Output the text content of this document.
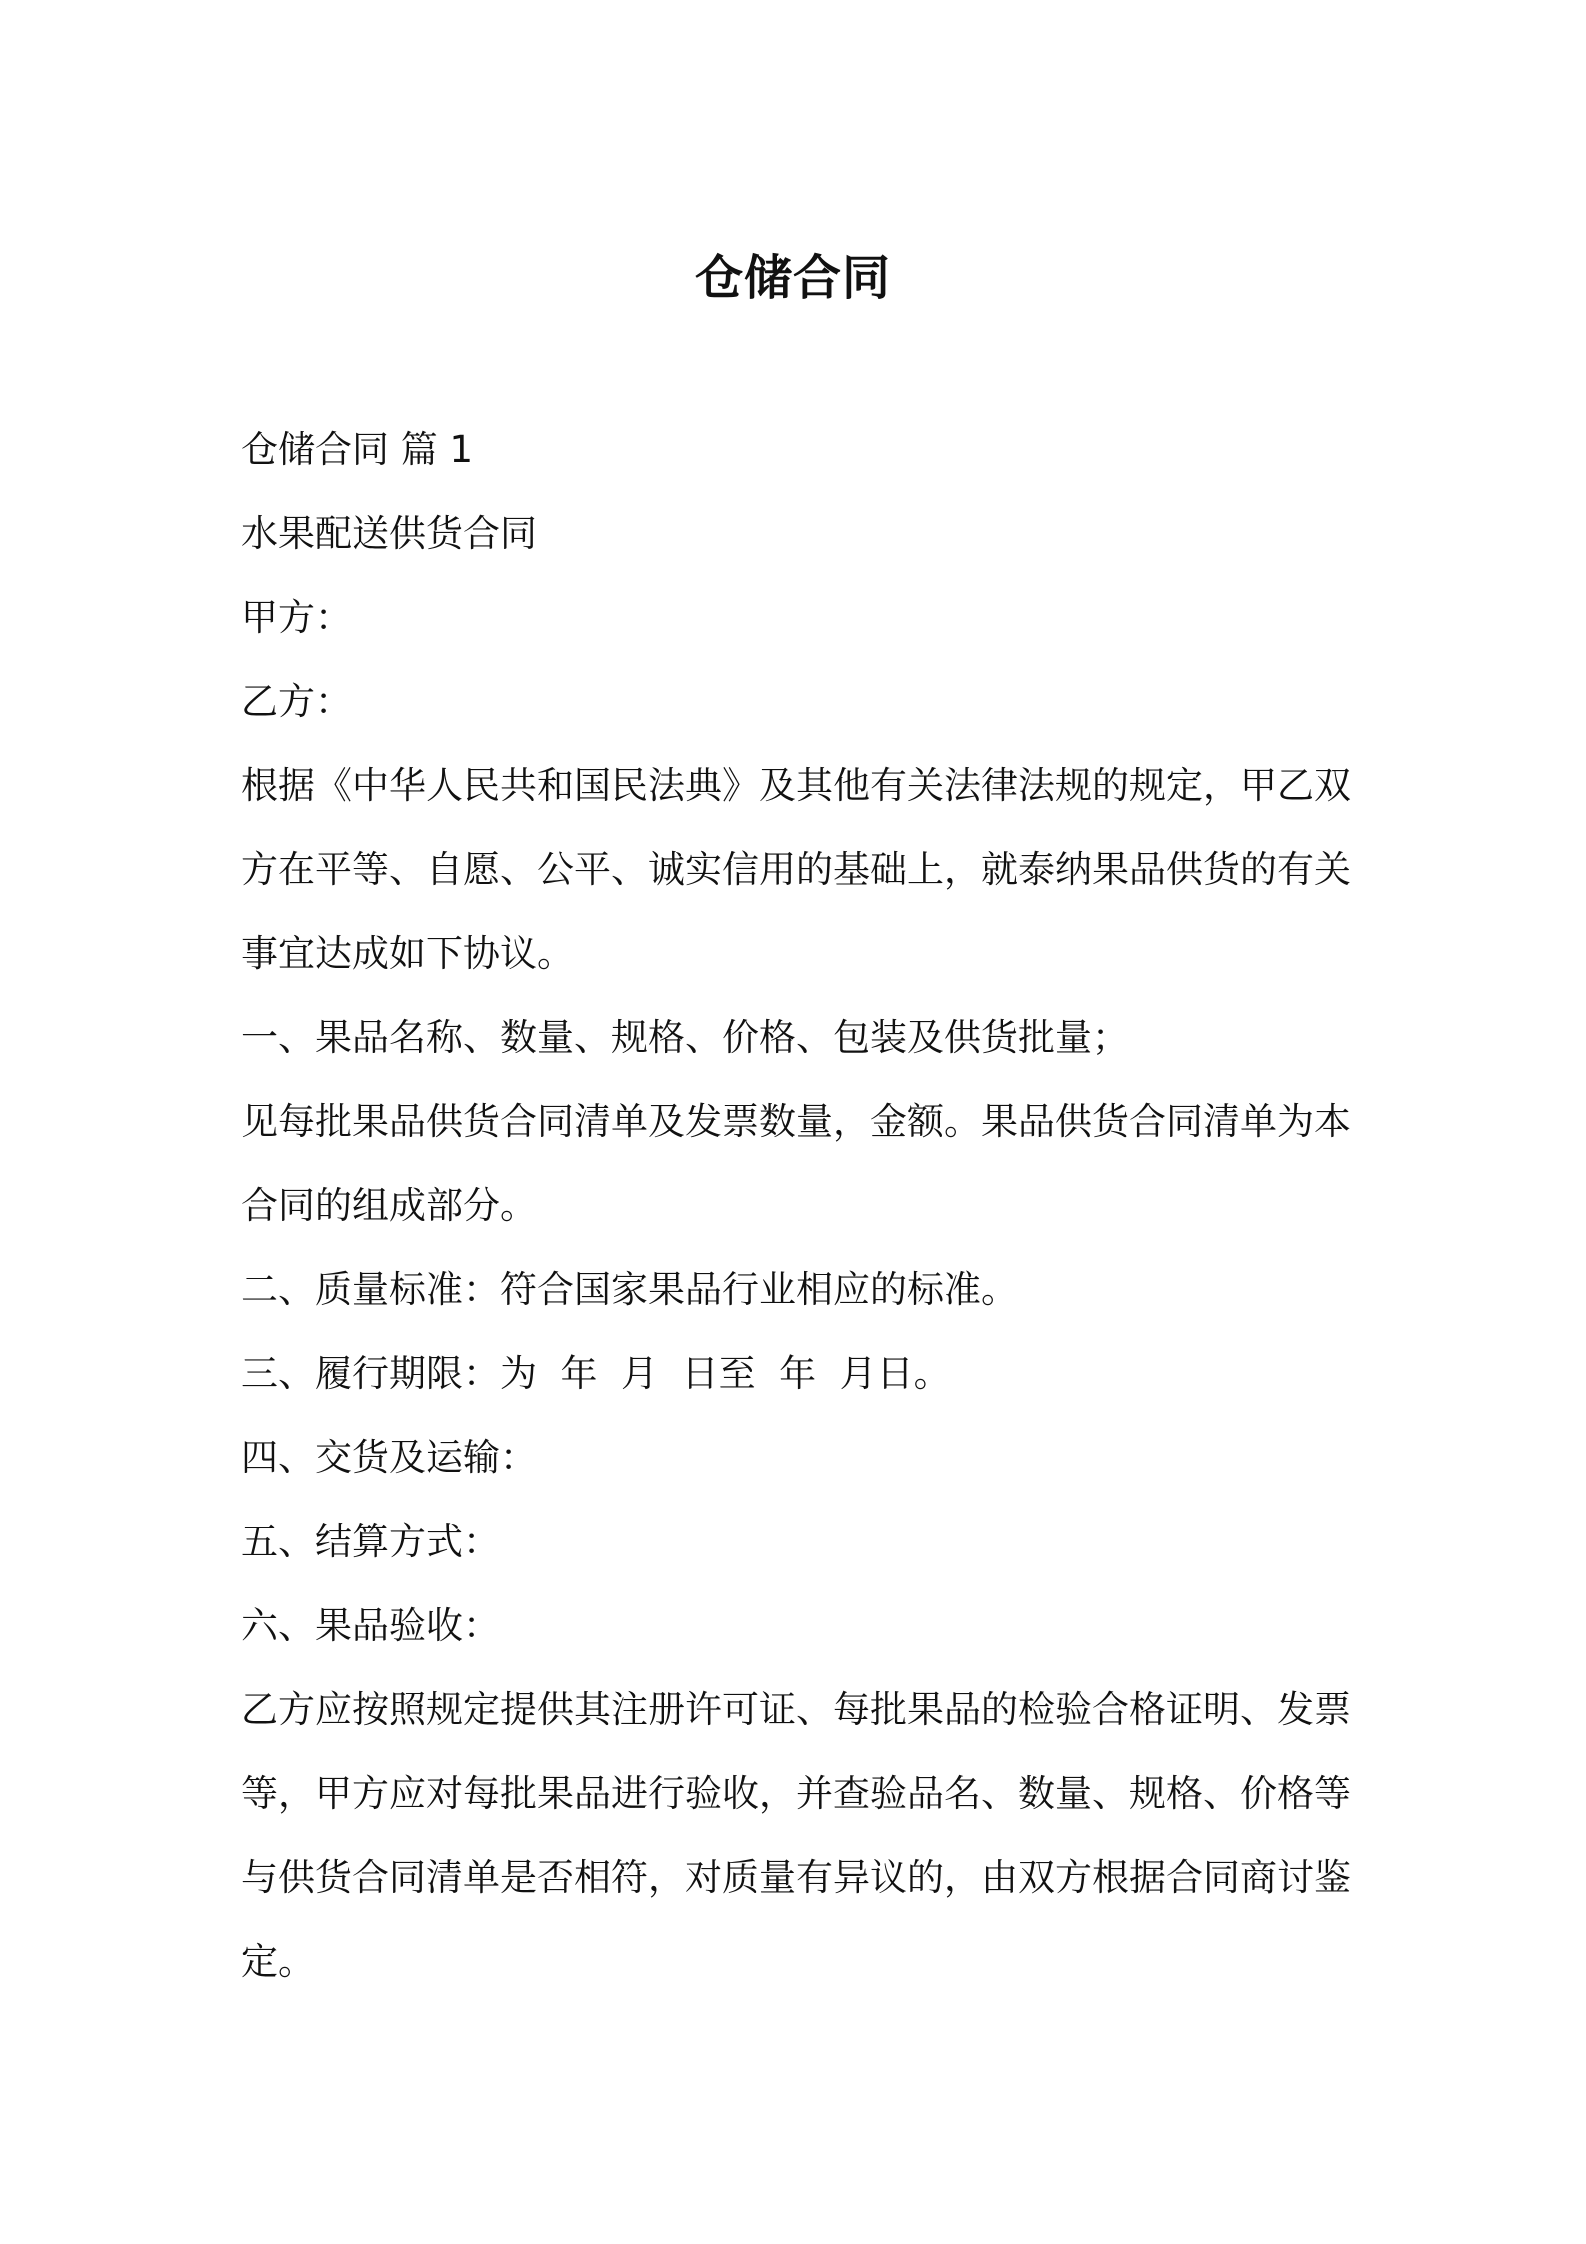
仓储合同

仓储合同 篇 1

水果配送供货合同

甲方：

乙方：

根据《中华人民共和国民法典》及其他有关法律法规的规定，甲乙双

方在平等、自愿、公平、诚实信用的基础上，就泰纳果品供货的有关

事宜达成如下协议。

一、果品名称、数量、规格、价格、包装及供货批量；

见每批果品供货合同清单及发票数量，金额。果品供货合同清单为本

合同的组成部分。

二、质量标准：符合国家果品行业相应的标准。

三、履行期限：为  年  月  日至  年  月日。

四、交货及运输：

五、结算方式：

六、果品验收：

乙方应按照规定提供其注册许可证、每批果品的检验合格证明、发票

等，甲方应对每批果品进行验收，并查验品名、数量、规格、价格等

与供货合同清单是否相符，对质量有异议的，由双方根据合同商讨鉴

定。
